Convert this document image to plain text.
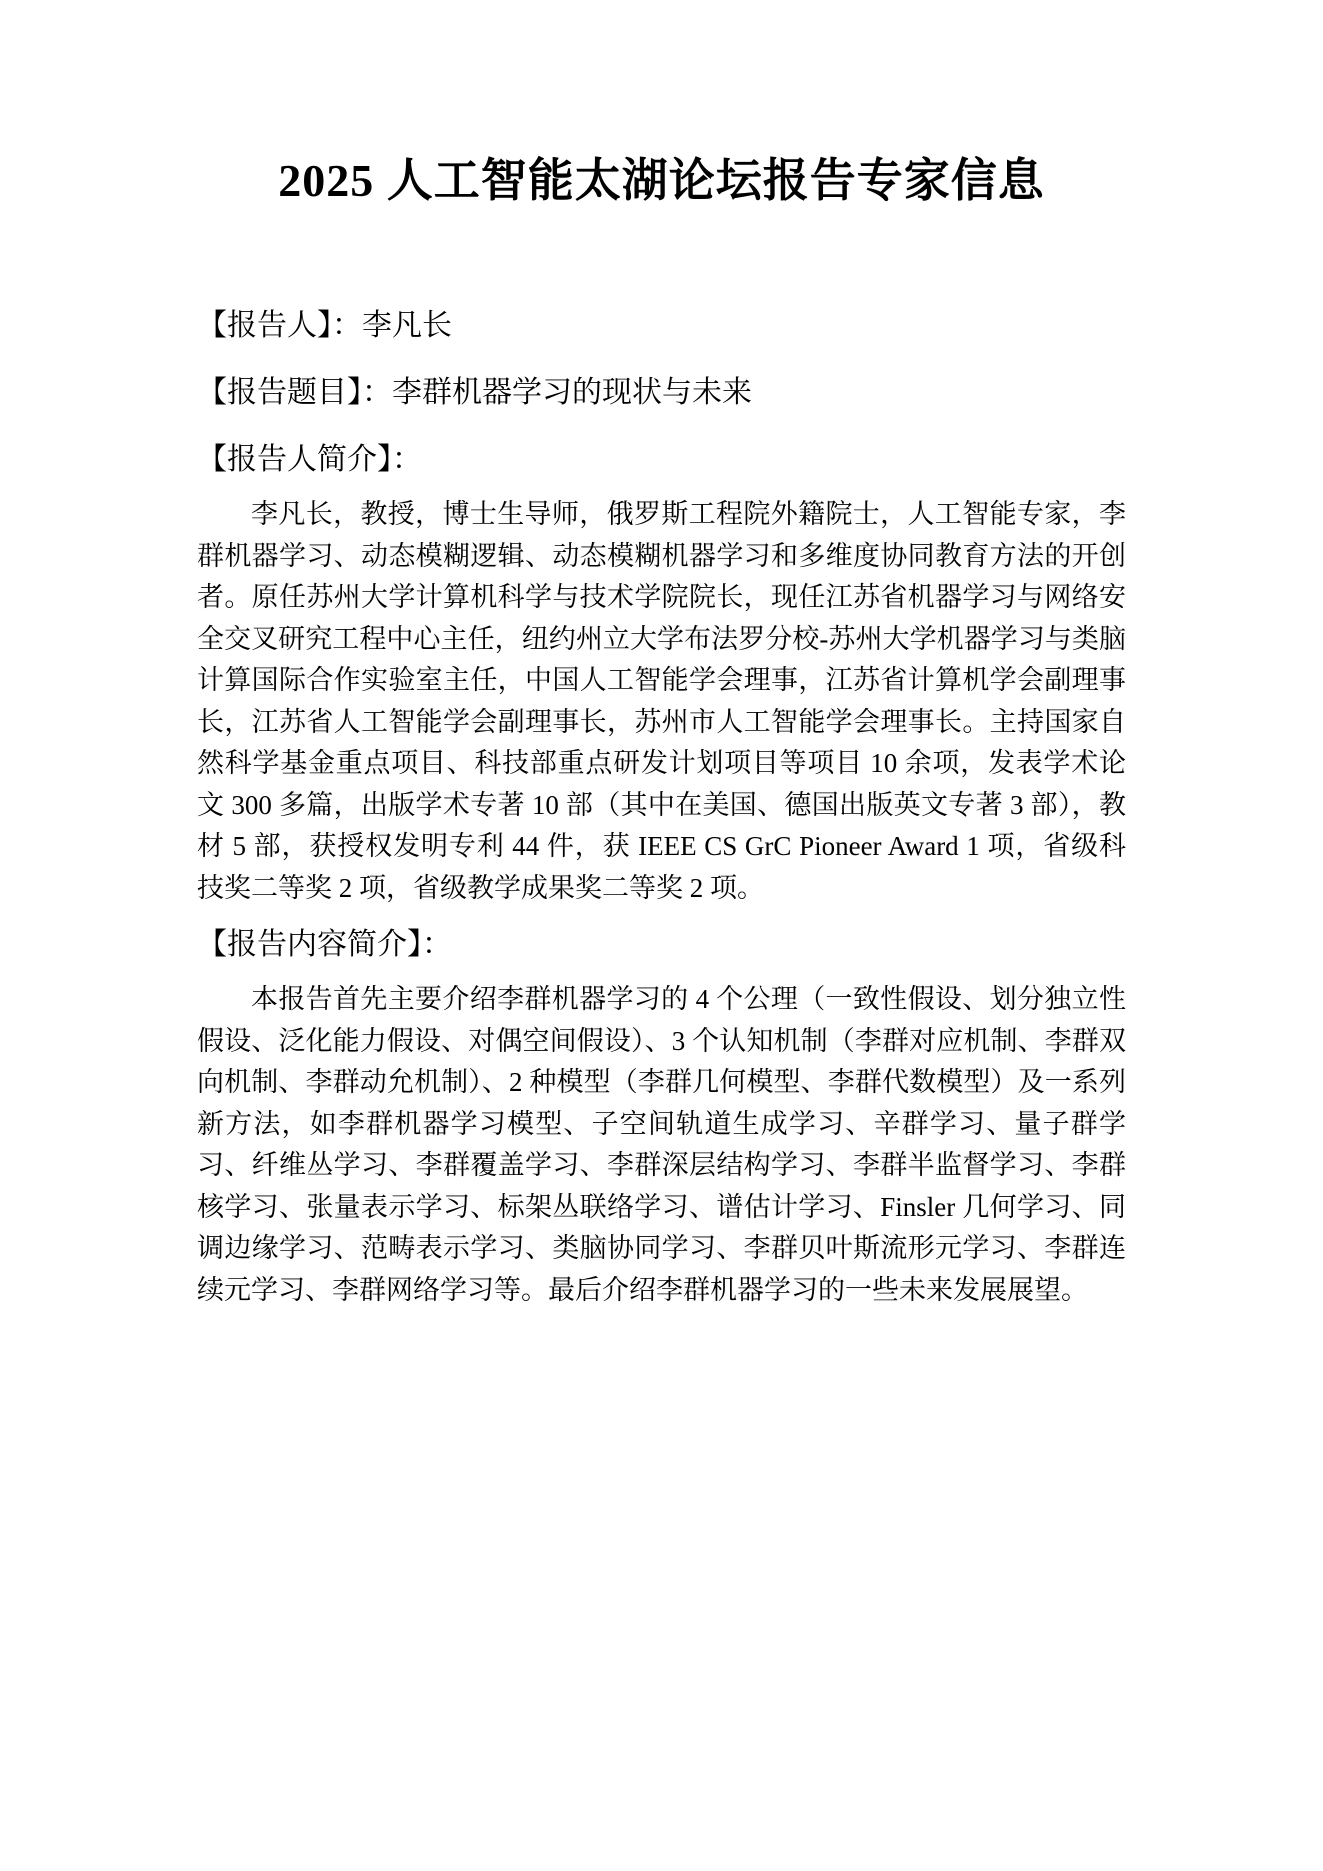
2025 人工智能太湖论坛报告专家信息

【报告人】：李凡长

【报告题目】：李群机器学习的现状与未来

【报告人简介】：

李凡长，教授，博士生导师，俄罗斯工程院外籍院士，人工智能专家，李群机器学习、动态模糊逻辑、动态模糊机器学习和多维度协同教育方法的开创者。原任苏州大学计算机科学与技术学院院长，现任江苏省机器学习与网络安全交叉研究工程中心主任，纽约州立大学布法罗分校-苏州大学机器学习与类脑计算国际合作实验室主任，中国人工智能学会理事，江苏省计算机学会副理事长，江苏省人工智能学会副理事长，苏州市人工智能学会理事长。主持国家自然科学基金重点项目、科技部重点研发计划项目等项目 10 余项，发表学术论文 300 多篇，出版学术专著 10 部（其中在美国、德国出版英文专著 3 部），教材 5 部，获授权发明专利 44 件，获 IEEE CS GrC Pioneer Award 1 项，省级科技奖二等奖 2 项，省级教学成果奖二等奖 2 项。

【报告内容简介】：

本报告首先主要介绍李群机器学习的 4 个公理（一致性假设、划分独立性假设、泛化能力假设、对偶空间假设）、3 个认知机制（李群对应机制、李群双向机制、李群动允机制）、2 种模型（李群几何模型、李群代数模型）及一系列新方法，如李群机器学习模型、子空间轨道生成学习、辛群学习、量子群学习、纤维丛学习、李群覆盖学习、李群深层结构学习、李群半监督学习、李群核学习、张量表示学习、标架丛联络学习、谱估计学习、Finsler 几何学习、同调边缘学习、范畴表示学习、类脑协同学习、李群贝叶斯流形元学习、李群连续元学习、李群网络学习等。最后介绍李群机器学习的一些未来发展展望。
